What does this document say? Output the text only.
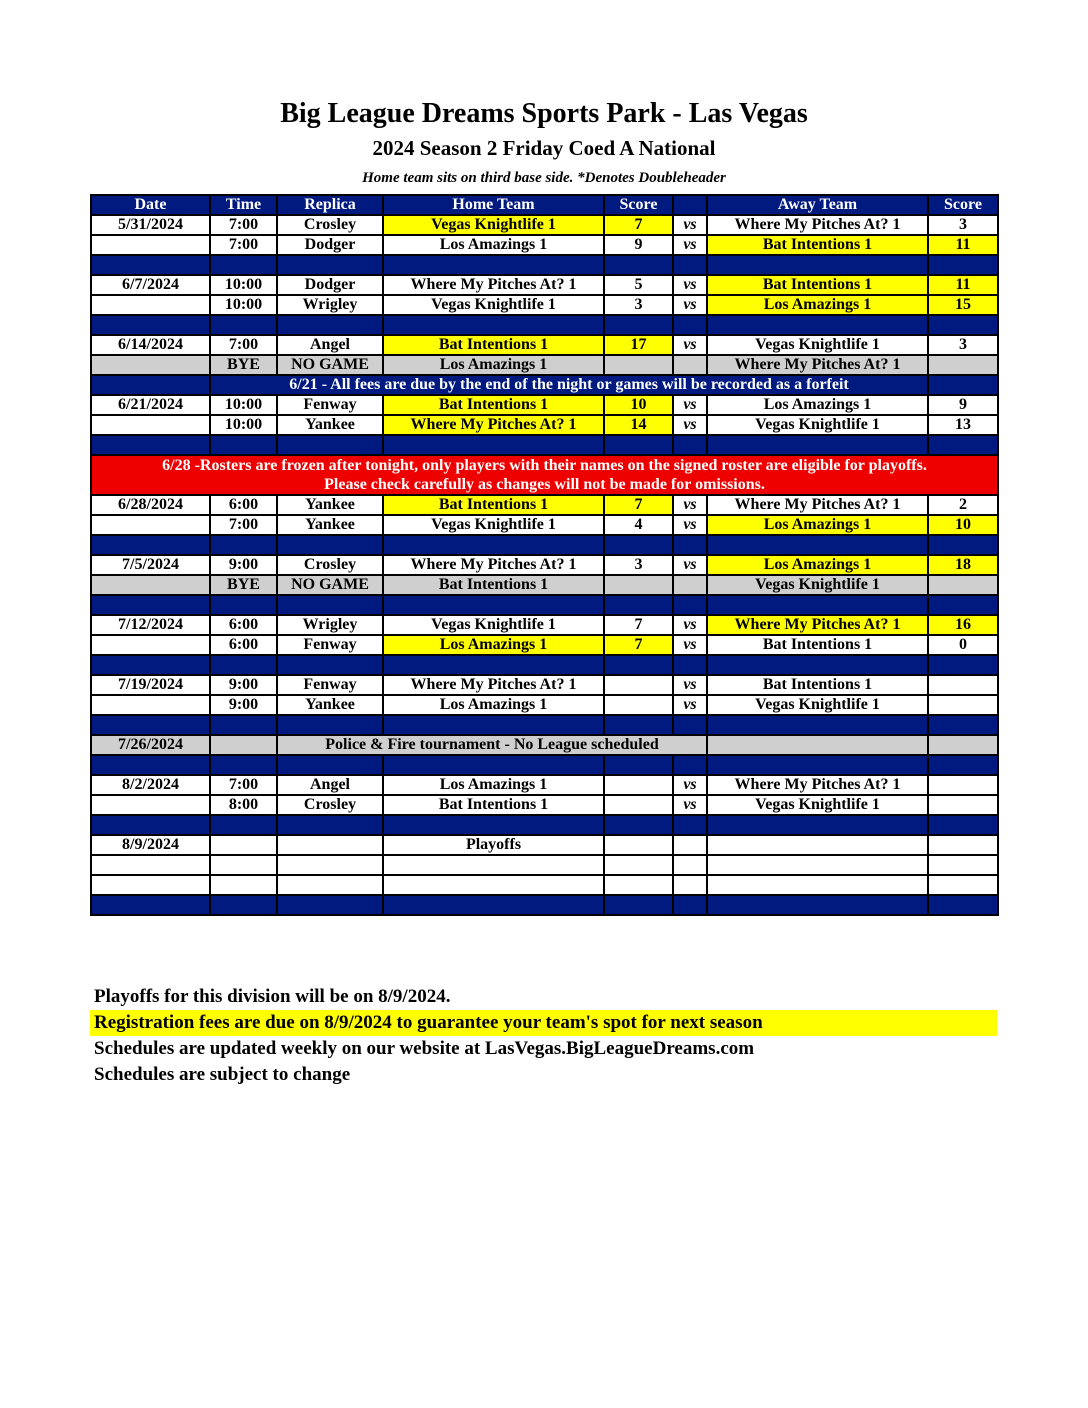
Big League Dreams Sports Park - Las Vegas
2024 Season 2 Friday Coed A National
Home team sits on third base side. *Denotes Doubleheader
Date	Time	Replica	Home Team	Score		Away Team	Score
5/31/2024	7:00	Crosley	Vegas Knightlife 1	7	vs	Where My Pitches At? 1	3
	7:00	Dodger	Los Amazings 1	9	vs	Bat Intentions 1	11

6/7/2024	10:00	Dodger	Where My Pitches At? 1	5	vs	Bat Intentions 1	11
	10:00	Wrigley	Vegas Knightlife 1	3	vs	Los Amazings 1	15

6/14/2024	7:00	Angel	Bat Intentions 1	17	vs	Vegas Knightlife 1	3
	BYE	NO GAME	Los Amazings 1			Where My Pitches At? 1	
	6/21 - All fees are due by the end of the night or games will be recorded as a forfeit						
6/21/2024	10:00	Fenway	Bat Intentions 1	10	vs	Los Amazings 1	9
	10:00	Yankee	Where My Pitches At? 1	14	vs	Vegas Knightlife 1	13

6/28 -Rosters are frozen after tonight, only players with their names on the signed roster are eligible for playoffs.
Please check carefully as changes will not be made for omissions.							

6/28/2024	6:00	Yankee	Bat Intentions 1	7	vs	Where My Pitches At? 1	2
	7:00	Yankee	Vegas Knightlife 1	4	vs	Los Amazings 1	10

7/5/2024	9:00	Crosley	Where My Pitches At? 1	3	vs	Los Amazings 1	18
	BYE	NO GAME	Bat Intentions 1			Vegas Knightlife 1	

7/12/2024	6:00	Wrigley	Vegas Knightlife 1	7	vs	Where My Pitches At? 1	16
	6:00	Fenway	Los Amazings 1	7	vs	Bat Intentions 1	0

7/19/2024	9:00	Fenway	Where My Pitches At? 1		vs	Bat Intentions 1	
	9:00	Yankee	Los Amazings 1		vs	Vegas Knightlife 1	

7/26/2024		Police & Fire tournament - No League scheduled					

8/2/2024	7:00	Angel	Los Amazings 1		vs	Where My Pitches At? 1	
	8:00	Crosley	Bat Intentions 1		vs	Vegas Knightlife 1	

8/9/2024			Playoffs				

Playoffs for this division will be on 8/9/2024.
Registration fees are due on 8/9/2024 to guarantee your team's spot for next season
Schedules are updated weekly on our website at LasVegas.BigLeagueDreams.com
Schedules are subject to change
